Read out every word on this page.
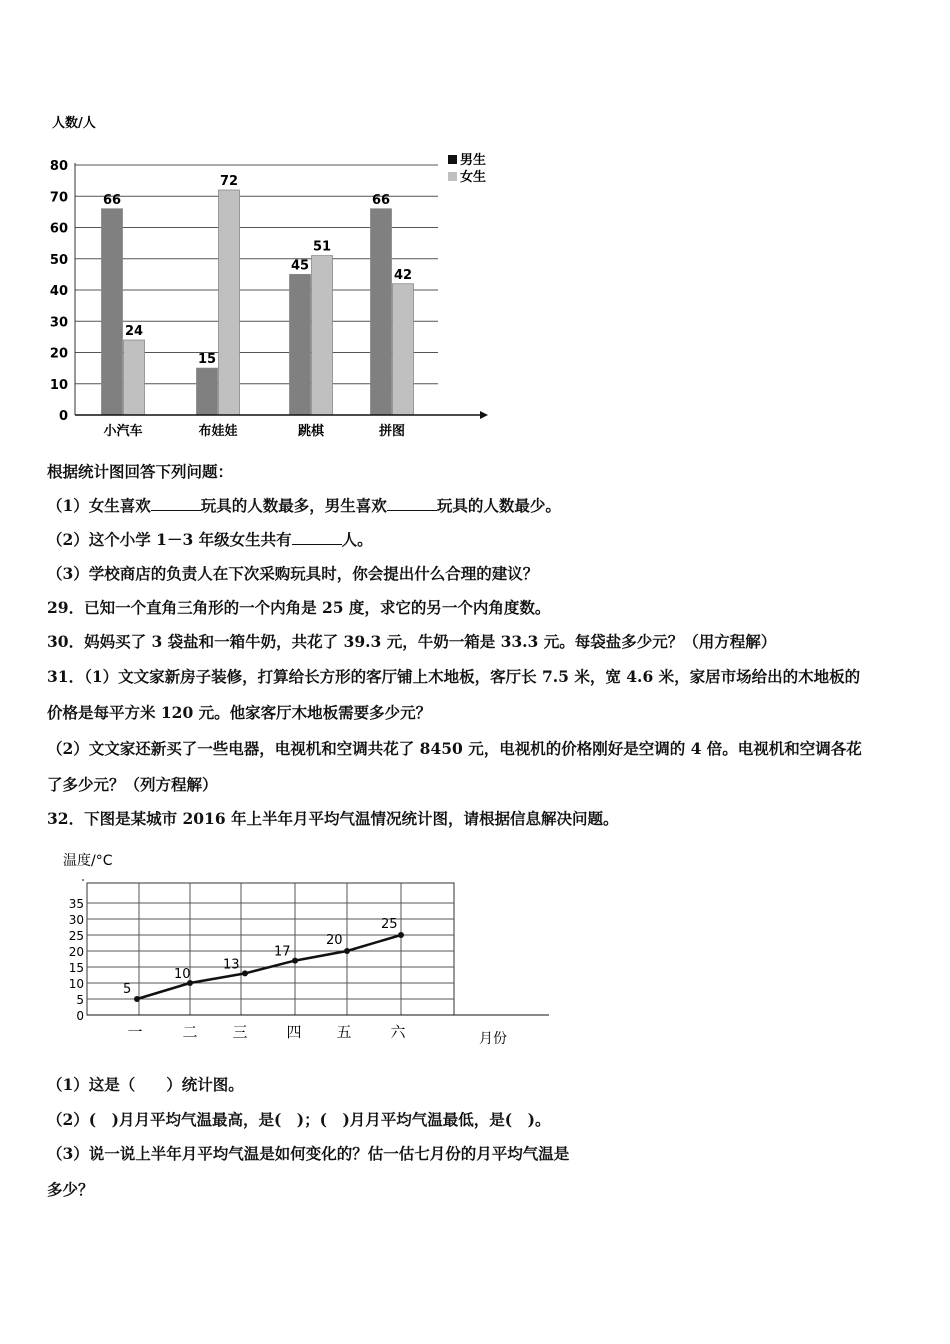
人数/人
0
10
20
30
40
50
60
70
80
66
24
小汽车
15
72
布娃娃
45
51
跳棋
66
42
拼图
男生
女生
根据统计图回答下列问题：
（1）女生喜欢	玩具的人数最多，男生喜欢	玩具的人数最少。
（2）这个小学 1－3 年级女生共有	人。
（3）学校商店的负责人在下次采购玩具时，你会提出什么合理的建议？
29．已知一个直角三角形的一个内角是 25 度，求它的另一个内角度数。
30．妈妈买了 3 袋盐和一箱牛奶，共花了 39.3 元，牛奶一箱是 33.3 元。每袋盐多少元？（用方程解）
31．（1）文文家新房子装修，打算给长方形的客厅铺上木地板，客厅长 7.5 米，宽 4.6 米，家居市场给出的木地板的
价格是每平方米 120 元。他家客厅木地板需要多少元？
（2）文文家还新买了一些电器，电视机和空调共花了 8450 元，电视机的价格刚好是空调的 4 倍。电视机和空调各花
了多少元？（列方程解）
32．下图是某城市 2016 年上半年月平均气温情况统计图，请根据信息解决问题。
温度/°C
0
5
10
15
20
25
30
35
5
一
10
二
13
三
17
四
20
五
25
六	月份
（1）这是（　　）统计图。
（2）(　)月月平均气温最高，是(　)；(　)月月平均气温最低，是(　)。
（3）说一说上半年月平均气温是如何变化的？估一估七月份的月平均气温是
多少？
